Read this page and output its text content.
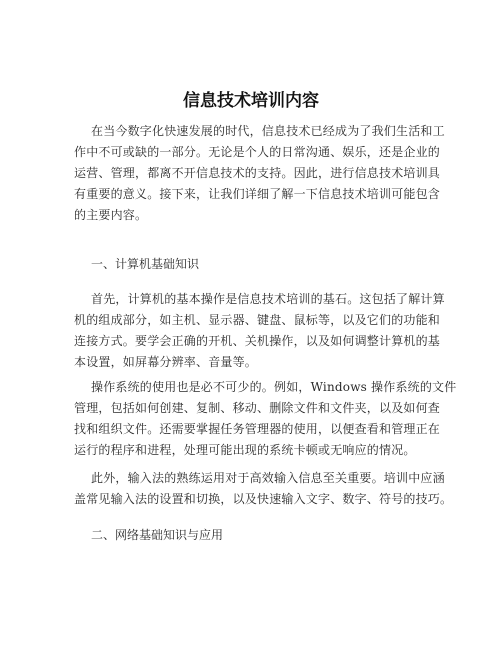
信息技术培训内容
在当今数字化快速发展的时代，信息技术已经成为了我们生活和工
作中不可或缺的一部分。无论是个人的日常沟通、娱乐，还是企业的
运营、管理，都离不开信息技术的支持。因此，进行信息技术培训具
有重要的意义。接下来，让我们详细了解一下信息技术培训可能包含
的主要内容。

一、计算机基础知识

首先，计算机的基本操作是信息技术培训的基石。这包括了解计算
机的组成部分，如主机、显示器、键盘、鼠标等，以及它们的功能和
连接方式。要学会正确的开机、关机操作，以及如何调整计算机的基
本设置，如屏幕分辨率、音量等。
操作系统的使用也是必不可少的。例如，Windows 操作系统的文件
管理，包括如何创建、复制、移动、删除文件和文件夹，以及如何查
找和组织文件。还需要掌握任务管理器的使用，以便查看和管理正在
运行的程序和进程，处理可能出现的系统卡顿或无响应的情况。
此外，输入法的熟练运用对于高效输入信息至关重要。培训中应涵
盖常见输入法的设置和切换，以及快速输入文字、数字、符号的技巧。

二、网络基础知识与应用
